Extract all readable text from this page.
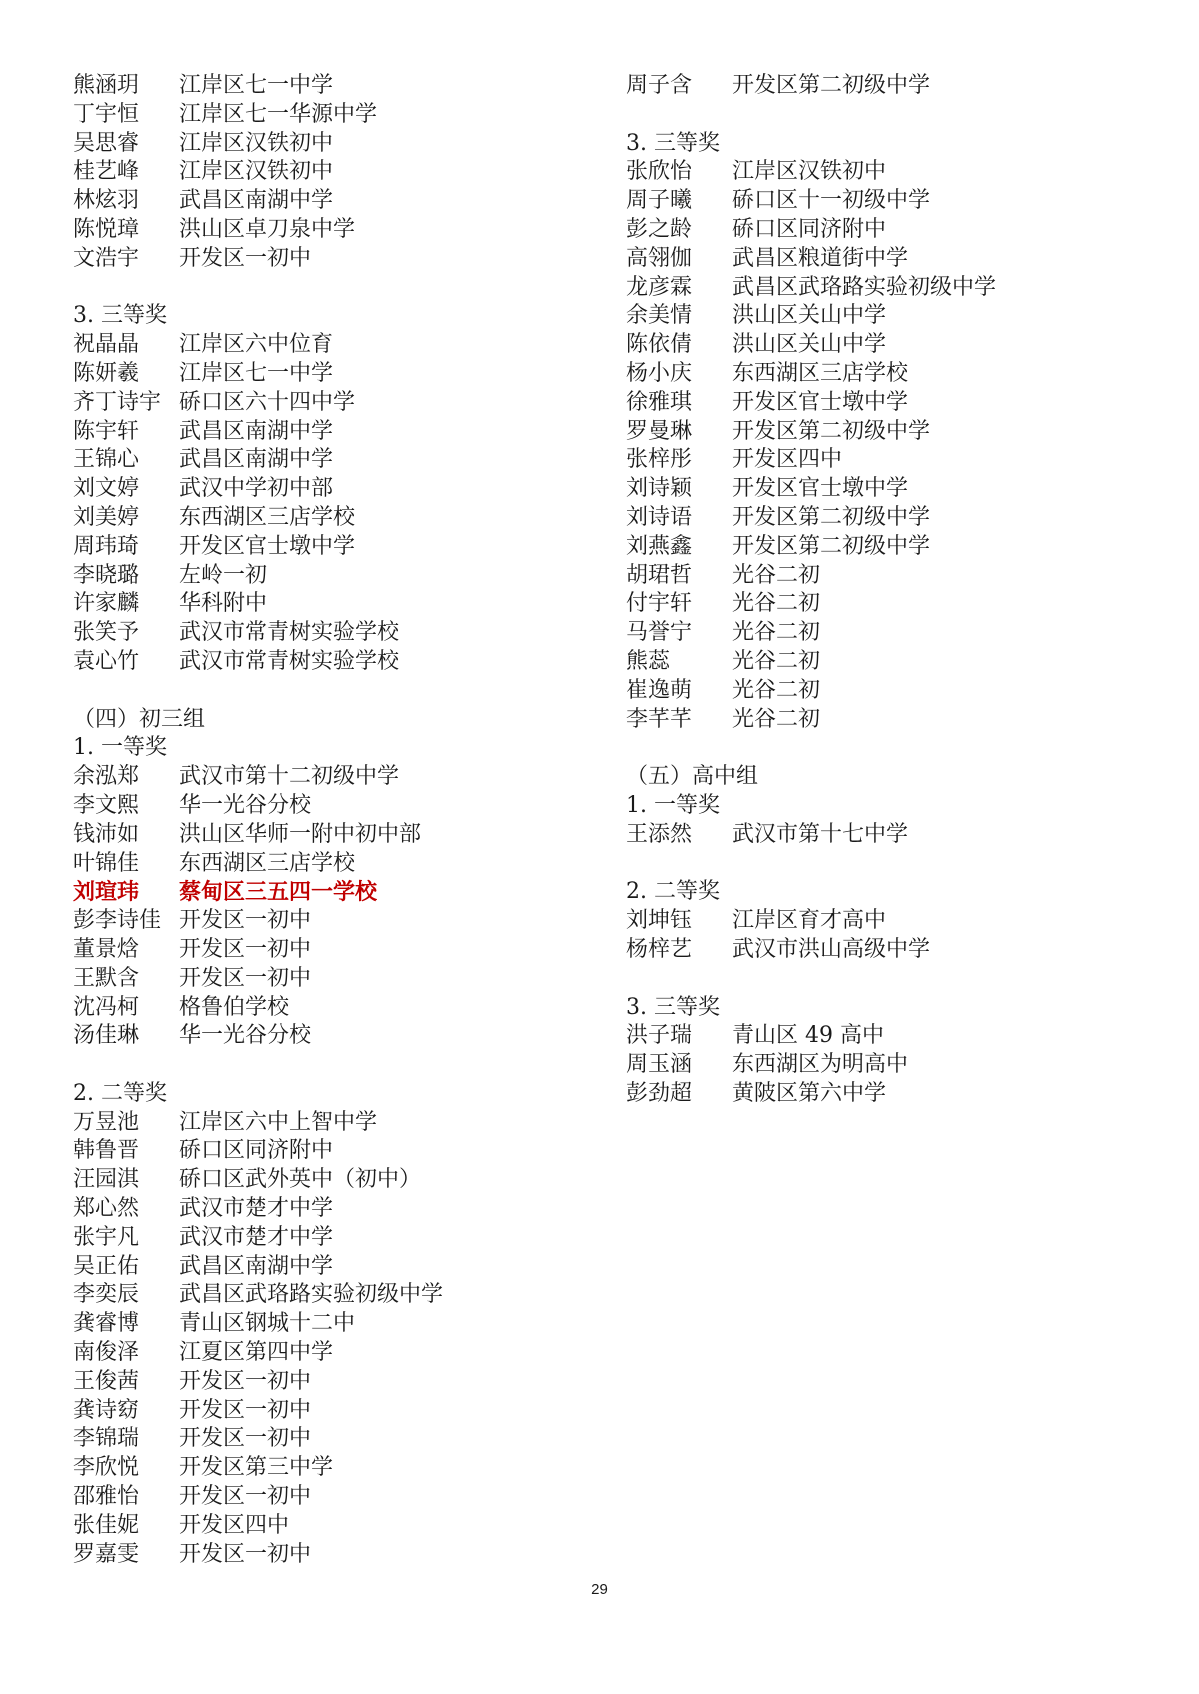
熊涵玥 江岸区七一中学
丁宇恒 江岸区七一华源中学
吴思睿 江岸区汉铁初中
桂艺峰 江岸区汉铁初中
林炫羽 武昌区南湖中学
陈悦璋 洪山区卓刀泉中学
文浩宇 开发区一初中
3. 三等奖
祝晶晶 江岸区六中位育
陈妍羲 江岸区七一中学
齐丁诗宇 硚口区六十四中学
陈宇轩 武昌区南湖中学
王锦心 武昌区南湖中学
刘文婷 武汉中学初中部
刘美婷 东西湖区三店学校
周玮琦 开发区官士墩中学
李晓璐 左岭一初
许家麟 华科附中
张笑予 武汉市常青树实验学校
袁心竹 武汉市常青树实验学校
（四）初三组
1. 一等奖
余泓郑 武汉市第十二初级中学
李文熙 华一光谷分校
钱沛如 洪山区华师一附中初中部
叶锦佳 东西湖区三店学校
刘瑄玮 蔡甸区三五四一学校
彭李诗佳 开发区一初中
董景焓 开发区一初中
王默含 开发区一初中
沈冯柯 格鲁伯学校
汤佳琳 华一光谷分校
2. 二等奖
万昱池 江岸区六中上智中学
韩鲁晋 硚口区同济附中
汪园淇 硚口区武外英中（初中）
郑心然 武汉市楚才中学
张宇凡 武汉市楚才中学
吴正佑 武昌区南湖中学
李奕辰 武昌区武珞路实验初级中学
龚睿博 青山区钢城十二中
南俊泽 江夏区第四中学
王俊茜 开发区一初中
龚诗窈 开发区一初中
李锦瑞 开发区一初中
李欣悦 开发区第三中学
邵雅怡 开发区一初中
张佳妮 开发区四中
罗嘉雯 开发区一初中
周子含 开发区第二初级中学
3. 三等奖
张欣怡 江岸区汉铁初中
周子曦 硚口区十一初级中学
彭之龄 硚口区同济附中
高翎伽 武昌区粮道街中学
龙彦霖 武昌区武珞路实验初级中学
余美情 洪山区关山中学
陈依倩 洪山区关山中学
杨小庆 东西湖区三店学校
徐雅琪 开发区官士墩中学
罗曼琳 开发区第二初级中学
张梓彤 开发区四中
刘诗颖 开发区官士墩中学
刘诗语 开发区第二初级中学
刘燕鑫 开发区第二初级中学
胡珺哲 光谷二初
付宇轩 光谷二初
马誉宁 光谷二初
熊蕊	光谷二初
崔逸萌 光谷二初
李芊芊 光谷二初
（五）高中组
1. 一等奖
王添然 武汉市第十七中学
2. 二等奖
刘坤钰 江岸区育才高中
杨梓艺 武汉市洪山高级中学
3. 三等奖
洪子瑞 青山区 49 高中
周玉涵 东西湖区为明高中
彭劲超 黄陂区第六中学
29
